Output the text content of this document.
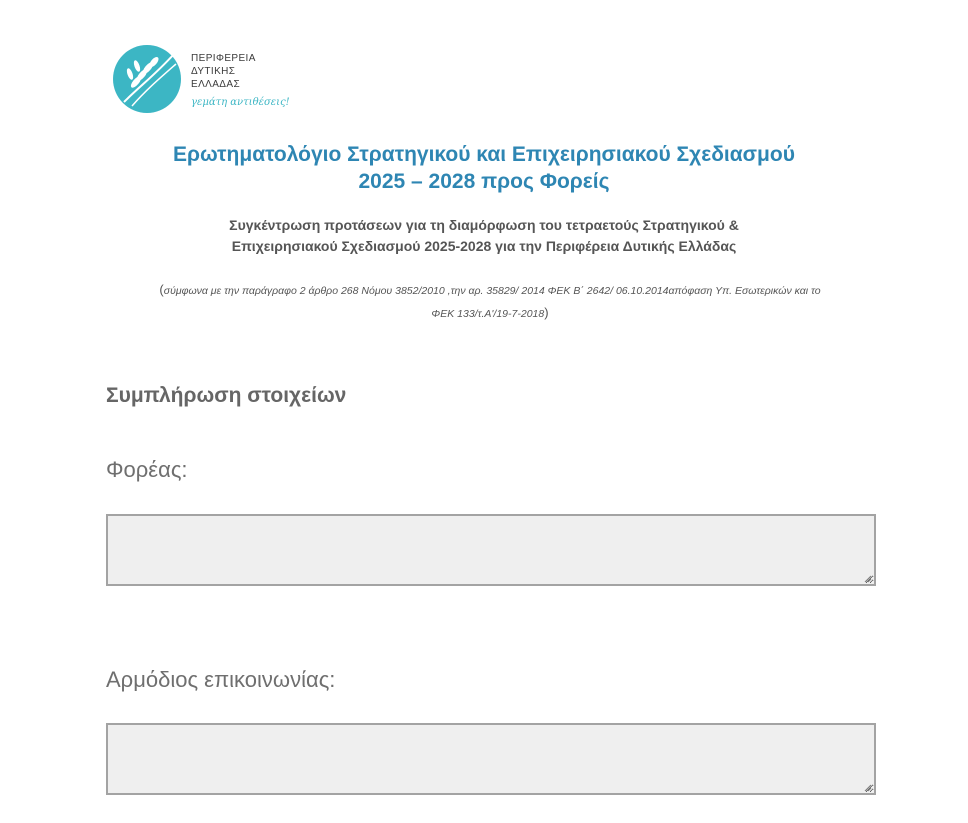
ΠΕΡΙΦΕΡΕΙΑ
ΔΥΤΙΚΗΣ
ΕΛΛΑΔΑΣ
γεμάτη αντιθέσεις!
Ερωτηματολόγιο Στρατηγικού και Επιχειρησιακού Σχεδιασμού
2025 – 2028 προς Φορείς
Συγκέντρωση προτάσεων για τη διαμόρφωση του τετραετούς Στρατηγικού &
Επιχειρησιακού Σχεδιασμού 2025-2028 για την Περιφέρεια Δυτικής Ελλάδας
(σύμφωνα με την παράγραφο 2 άρθρο 268 Νόμου 3852/2010 ,την αρ. 35829/ 2014 ΦΕΚ Β΄ 2642/ 06.10.2014απόφαση Υπ. Εσωτερικών και το
ΦΕΚ 133/τ.Α'/19-7-2018)
Συμπλήρωση στοιχείων
Φορέας:
Αρμόδιος επικοινωνίας:
